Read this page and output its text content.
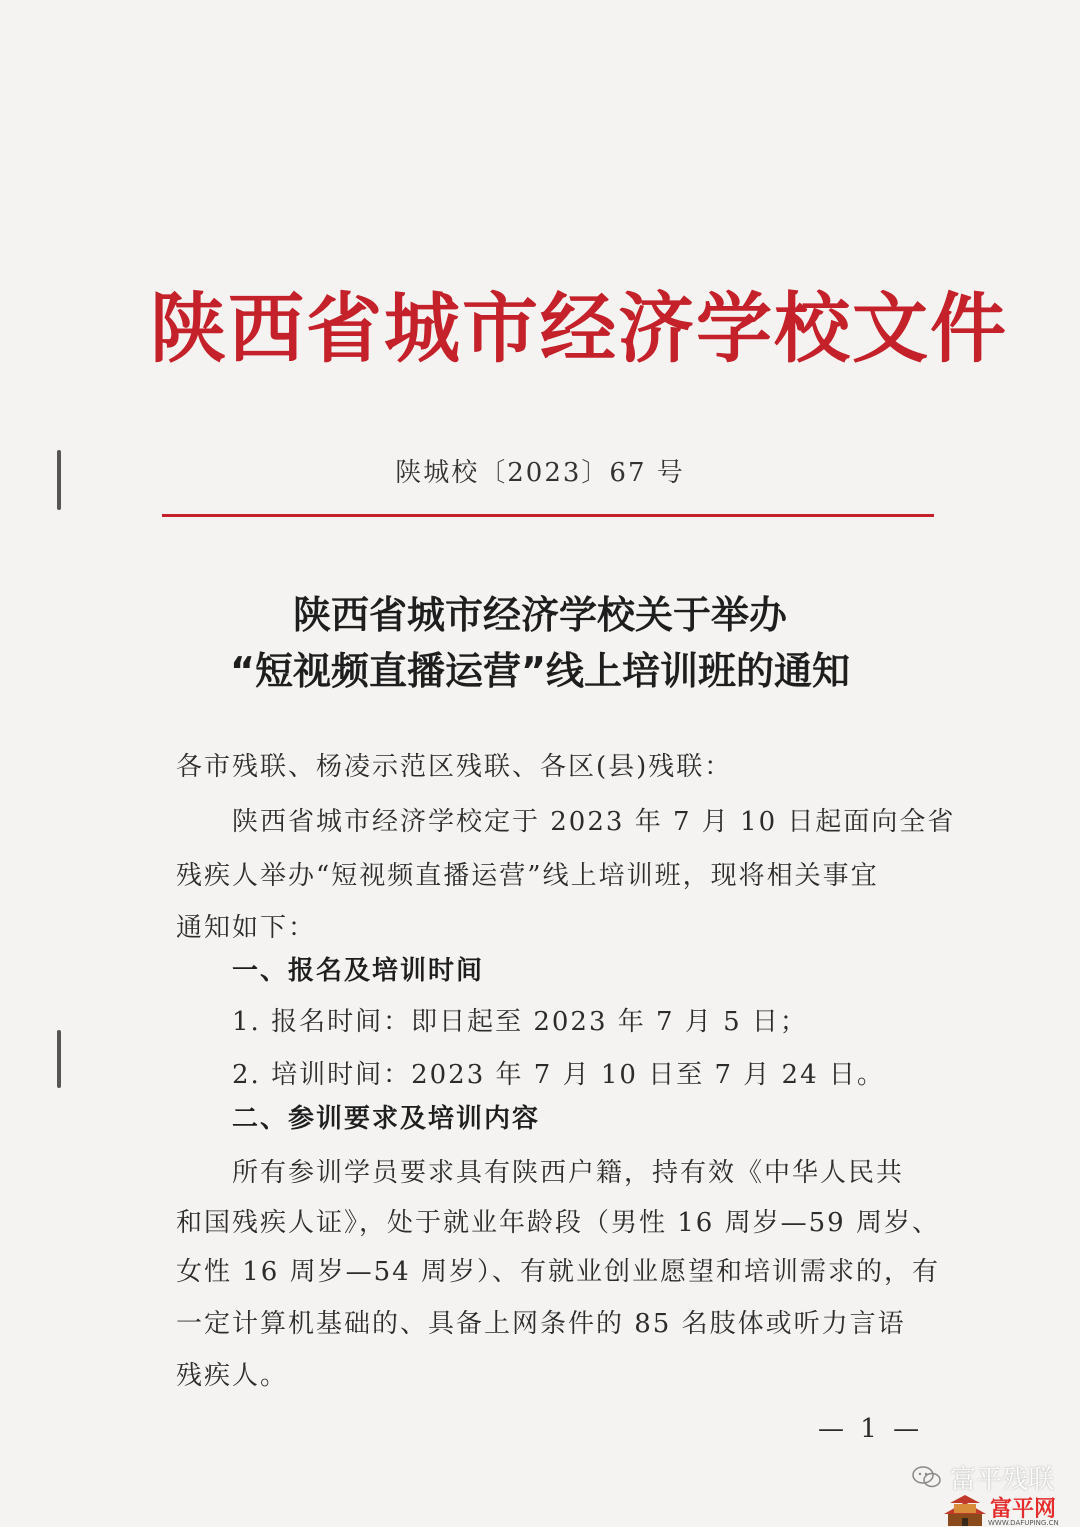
陕西省城市经济学校文件
陕城校〔2023〕67 号
陕西省城市经济学校关于举办
“短视频直播运营”线上培训班的通知
各市残联、杨凌示范区残联、各区(县)残联：
陕西省城市经济学校定于 2023 年 7 月 10 日起面向全省
残疾人举办“短视频直播运营”线上培训班，现将相关事宜
通知如下：
一、报名及培训时间
1. 报名时间：即日起至 2023 年 7 月 5 日；
2. 培训时间：2023 年 7 月 10 日至 7 月 24 日。
二、参训要求及培训内容
所有参训学员要求具有陕西户籍，持有效《中华人民共
和国残疾人证》，处于就业年龄段（男性 16 周岁—59 周岁、
女性 16 周岁—54 周岁）、有就业创业愿望和培训需求的，有
一定计算机基础的、具备上网条件的 85 名肢体或听力言语
残疾人。
— 1 —
富平残联
富平网
WWW.DAFUPING.CN
